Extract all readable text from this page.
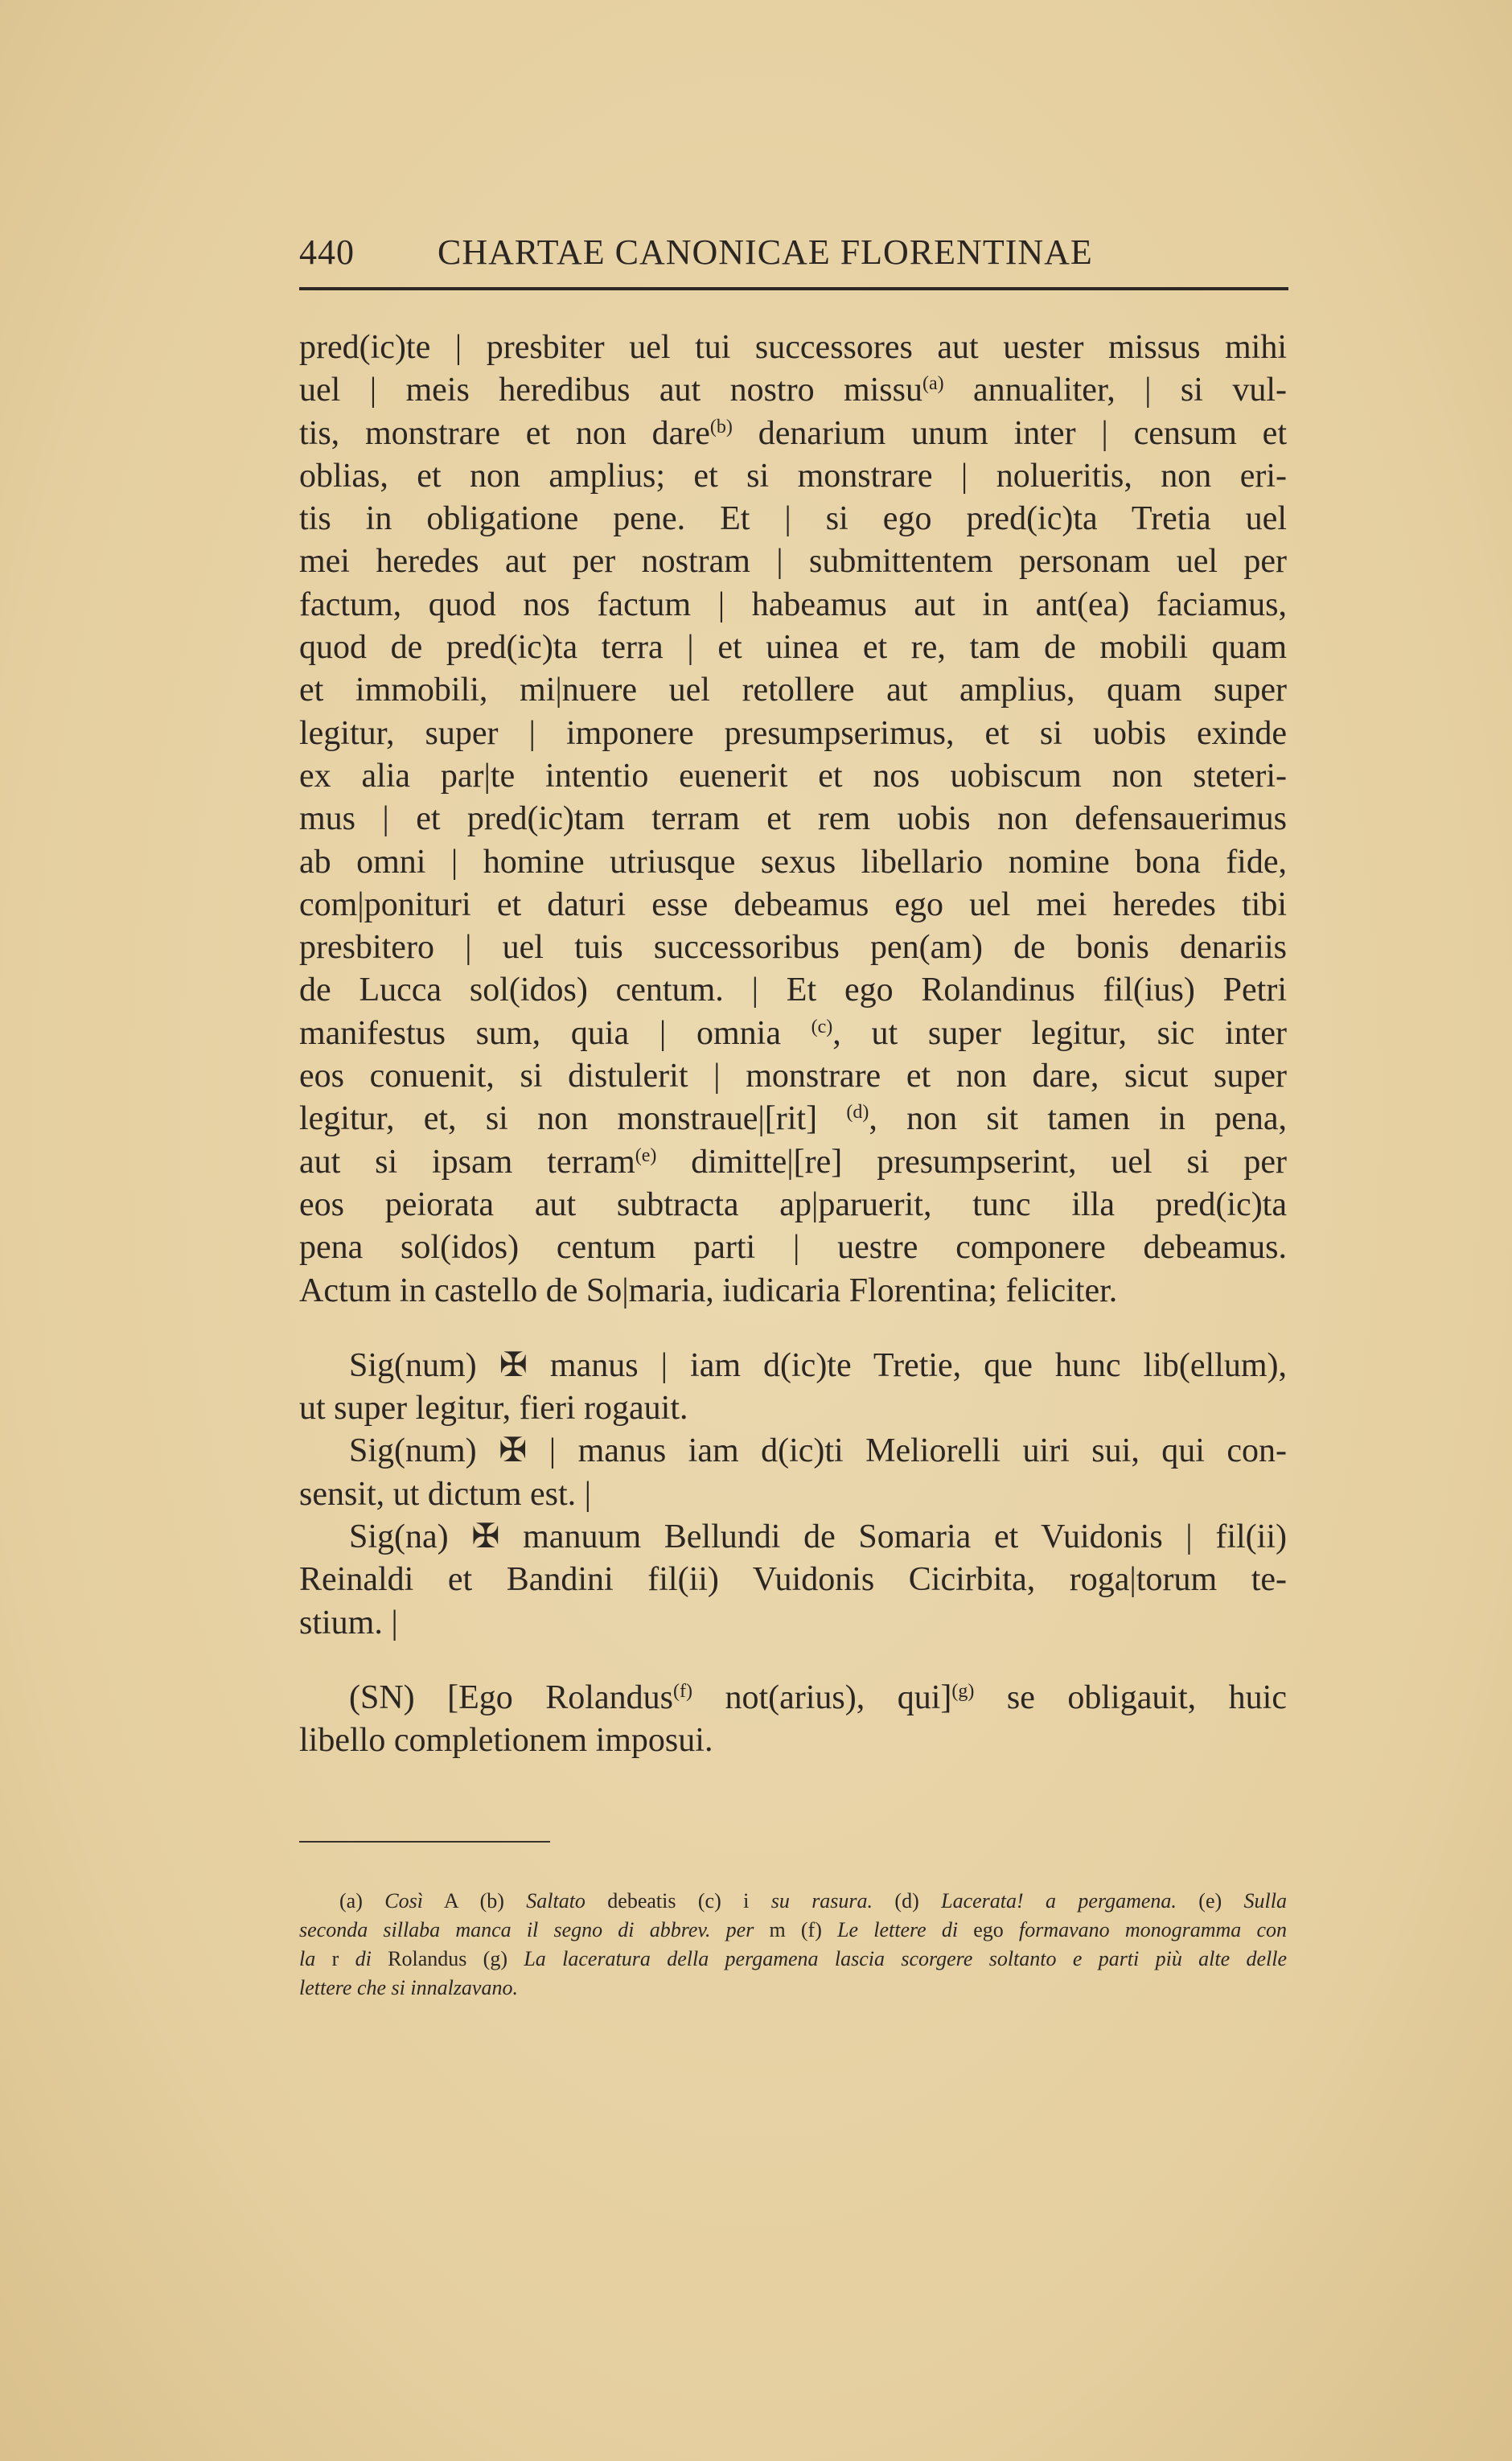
440 CHARTAE CANONICAE FLORENTINAE
pred(ic)te | presbiter uel tui successores aut uester missus mihi
uel | meis heredibus aut nostro missu$^{(a)}$ annualiter, | si vul-
tis, monstrare et non dare$^{(b)}$ denarium unum inter | censum et
oblias, et non amplius; et si monstrare | nolueritis, non eri-
tis in obligatione pene. Et | si ego pred(ic)ta Tretia uel
mei heredes aut per nostram | submittentem personam uel per
factum, quod nos factum | habeamus aut in ant(ea) faciamus,
quod de pred(ic)ta terra | et uinea et re, tam de mobili quam
et immobili, mi|nuere uel retollere aut amplius, quam super
legitur, super | imponere presumpserimus, et si uobis exinde
ex alia par|te intentio euenerit et nos uobiscum non steteri-
mus | et pred(ic)tam terram et rem uobis non defensauerimus
ab omni | homine utriusque sexus libellario nomine bona fide,
com|ponituri et daturi esse debeamus ego uel mei heredes tibi
presbitero | uel tuis successoribus pen(am) de bonis denariis
de Lucca sol(idos) centum. | Et ego Rolandinus fil(ius) Petri
manifestus sum, quia | omnia $^{(c)}$, ut super legitur, sic inter
eos conuenit, si distulerit | monstrare et non dare, sicut super
legitur, et, si non monstraue|[rit] $^{(d)}$, non sit tamen in pena,
aut si ipsam terram$^{(e)}$ dimitte|[re] presumpserint, uel si per
eos peiorata aut subtracta ap|paruerit, tunc illa pred(ic)ta
pena sol(idos) centum parti | uestre componere debeamus.
Actum in castello de So|maria, iudicaria Florentina; feliciter.
Sig(num) ✠ manus | iam d(ic)te Tretie, que hunc lib(ellum),
ut super legitur, fieri rogauit.
Sig(num) ✠ | manus iam d(ic)ti Meliorelli uiri sui, qui con-
sensit, ut dictum est. |
Sig(na) ✠ manuum Bellundi de Somaria et Vuidonis | fil(ii)
Reinaldi et Bandini fil(ii) Vuidonis Cicirbita, roga|torum te-
stium. |
(SN) [Ego Rolandus$^{(f)}$ not(arius), qui]$^{(g)}$ se obligauit, huic
libello completionem imposui.
(a) Così A (b) Saltato debeatis (c) i su rasura. (d) Lacerata! a pergamena. (e) Sulla
seconda sillaba manca il segno di abbrev. per m (f) Le lettere di ego formavano monogramma con
la r di Rolandus (g) La laceratura della pergamena lascia scorgere soltanto e parti più alte delle
lettere che si innalzavano.
